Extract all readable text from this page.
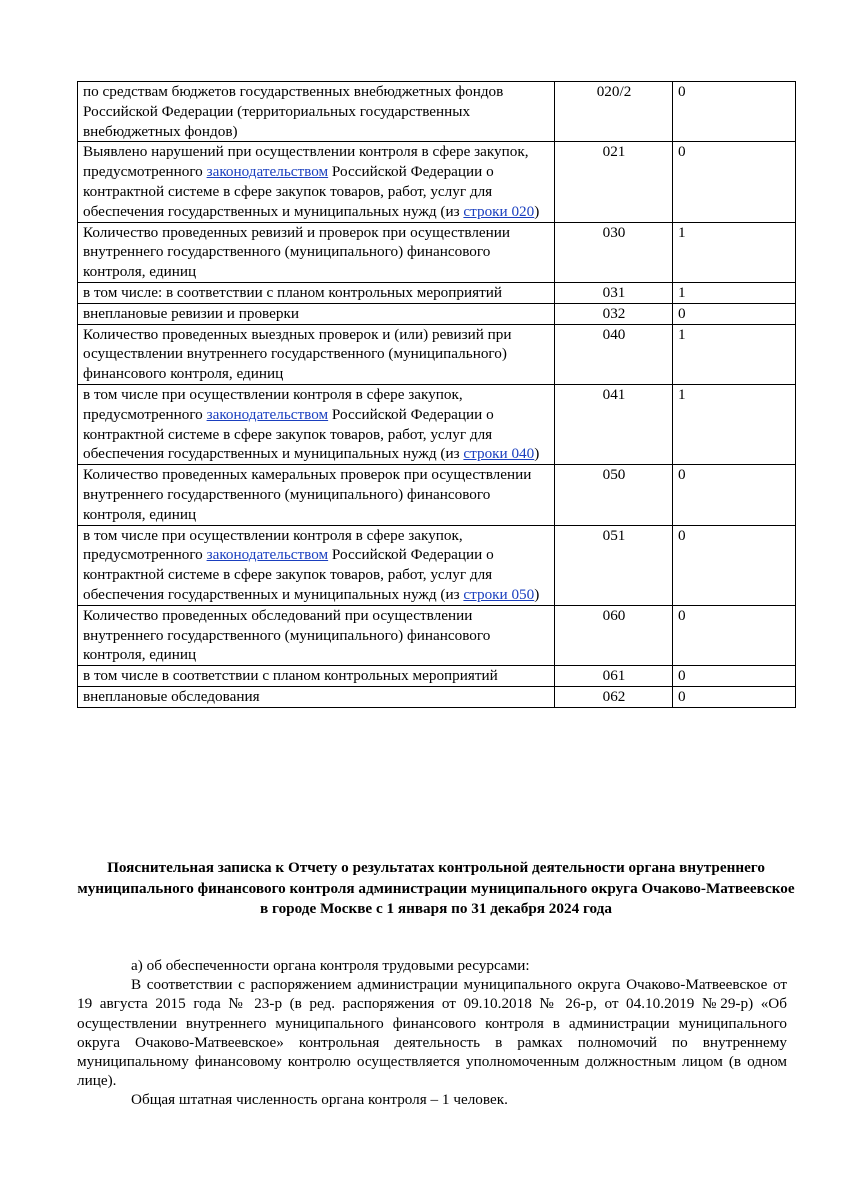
по средствам бюджетов государственных внебюджетных фондов Российской Федерации (территориальных государственных внебюджетных фондов)	020/2	0
Выявлено нарушений при осуществлении контроля в сфере закупок, предусмотренного законодательством Российской Федерации о контрактной системе в сфере закупок товаров, работ, услуг для обеспечения государственных и муниципальных нужд (из строки 020)	021	0
Количество проведенных ревизий и проверок при осуществлении внутреннего государственного (муниципального) финансового контроля, единиц	030	1
в том числе: в соответствии с планом контрольных мероприятий	031	1
внеплановые ревизии и проверки	032	0
Количество проведенных выездных проверок и (или) ревизий при осуществлении внутреннего государственного (муниципального) финансового контроля, единиц	040	1
в том числе при осуществлении контроля в сфере закупок, предусмотренного законодательством Российской Федерации о контрактной системе в сфере закупок товаров, работ, услуг для обеспечения государственных и муниципальных нужд (из строки 040)	041	1
Количество проведенных камеральных проверок при осуществлении внутреннего государственного (муниципального) финансового контроля, единиц	050	0
в том числе при осуществлении контроля в сфере закупок, предусмотренного законодательством Российской Федерации о контрактной системе в сфере закупок товаров, работ, услуг для обеспечения государственных и муниципальных нужд (из строки 050)	051	0
Количество проведенных обследований при осуществлении внутреннего государственного (муниципального) финансового контроля, единиц	060	0
в том числе в соответствии с планом контрольных мероприятий	061	0
внеплановые обследования	062	0
Пояснительная записка к Отчету о результатах контрольной деятельности органа внутреннего муниципального финансового контроля администрации муниципального округа Очаково-Матвеевское в городе Москве с 1 января по 31 декабря 2024 года

а) об обеспеченности органа контроля трудовыми ресурсами:

В соответствии с распоряжением администрации муниципального округа Очаково-Матвеевское от 19 августа 2015 года № 23-р (в ред. распоряжения от 09.10.2018 № 26-р, от 04.10.2019 №29-р) «Об осуществлении внутреннего муниципального финансового контроля в администрации муниципального округа Очаково-Матвеевское» контрольная деятельность в рамках полномочий по внутреннему муниципальному финансовому контролю осуществляется уполномоченным должностным лицом (в одном лице).

Общая штатная численность органа контроля – 1 человек.
